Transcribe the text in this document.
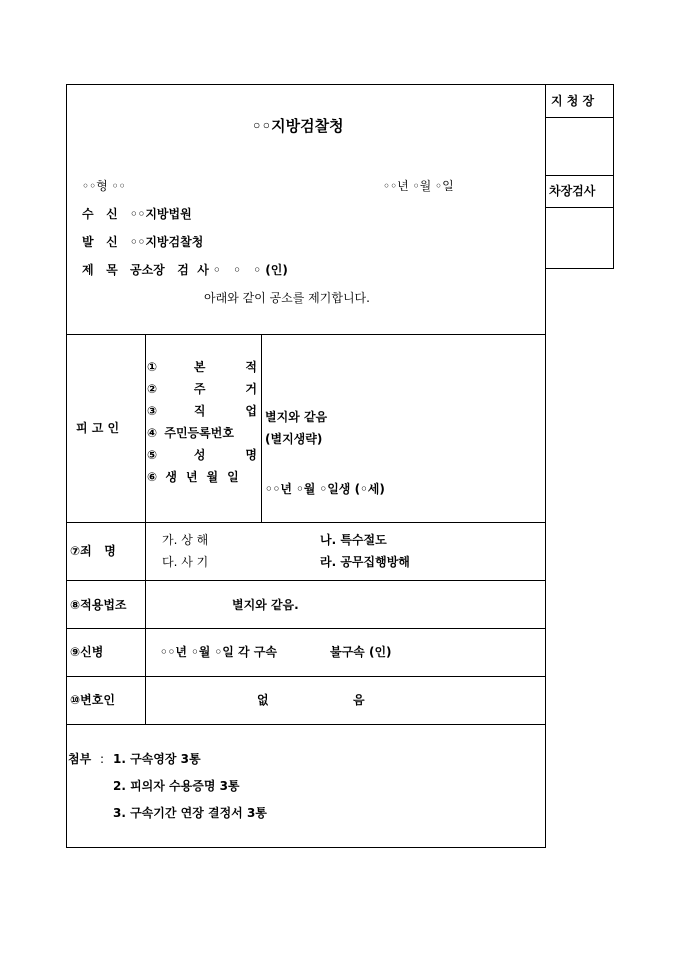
지 청 장
차장검사
◦◦지방검찰청
◦◦형 ◦◦	◦◦년 ◦월 ◦일
수   신 ◦◦지방법원
발   신 ◦◦지방검찰청
제   목 공소장   검  사 ◦   ◦   ◦ (인)
아래와 같이 공소를 제기합니다.
피 고 인
①	본적
②	주거
③	직업
④ 주민등록번호
⑤	성명
⑥ 생년월일
별지와 같음
(별지생략)
◦◦년 ◦월 ◦일생 (◦세)
⑦죄   명
가. 상 해	나. 특수절도
다. 사 기	라. 공무집행방해
⑧적용법조	별지와 같음.
⑨신병	◦◦년 ◦월 ◦일 각 구속	불구속 (인)
⑩변호인	없	음
첨부 : 1. 구속영장 3통
2. 피의자 수용증명 3통
3. 구속기간 연장 결정서 3통
